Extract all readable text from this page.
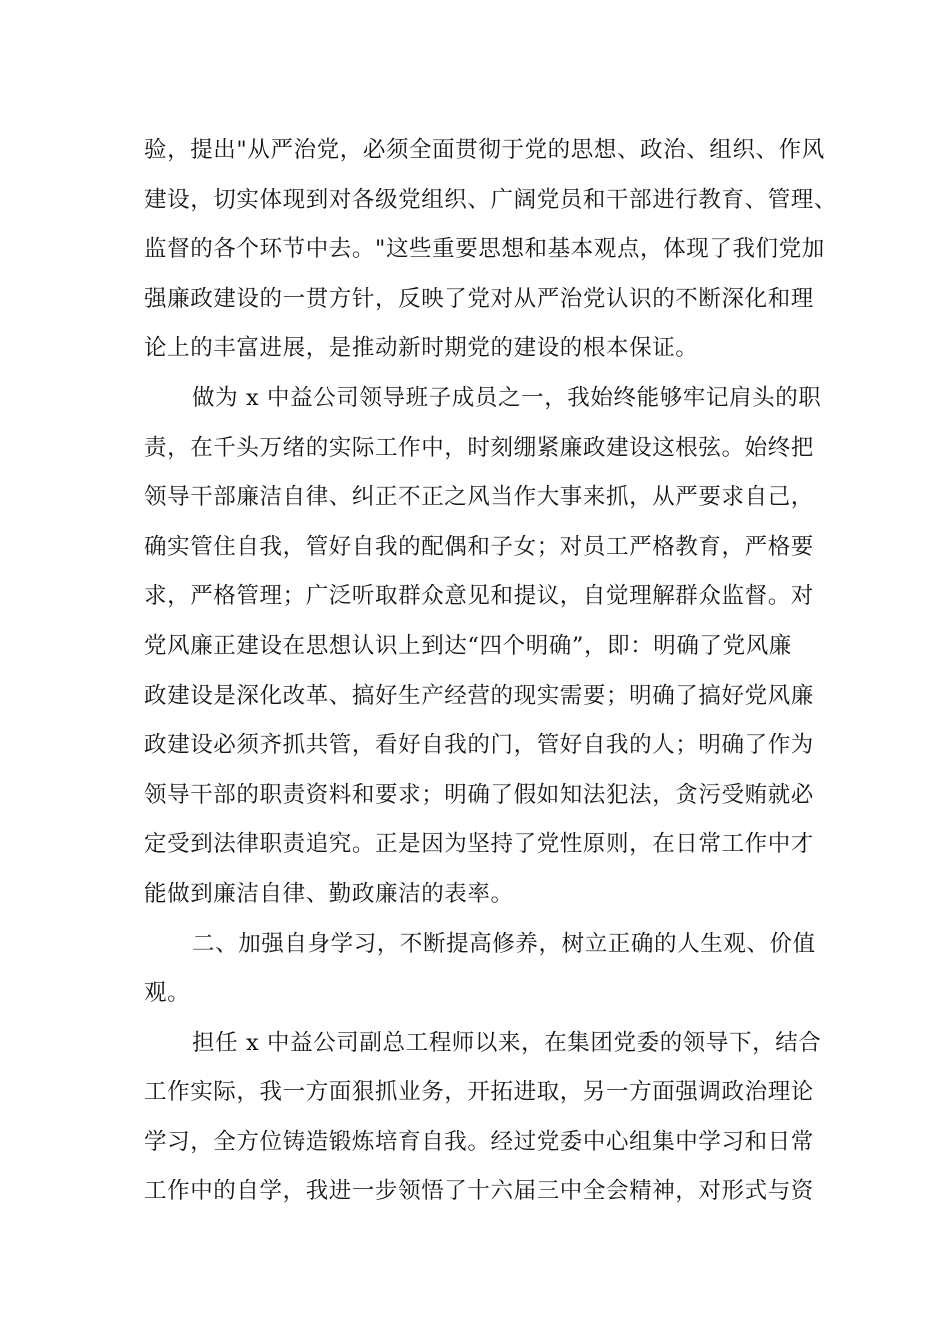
验，提出"从严治党，必须全面贯彻于党的思想、政治、组织、作风
建设，切实体现到对各级党组织、广阔党员和干部进行教育、管理、
监督的各个环节中去。"这些重要思想和基本观点，体现了我们党加
强廉政建设的一贯方针，反映了党对从严治党认识的不断深化和理
论上的丰富进展，是推动新时期党的建设的根本保证。
做为 x 中益公司领导班子成员之一，我始终能够牢记肩头的职
责，在千头万绪的实际工作中，时刻绷紧廉政建设这根弦。始终把
领导干部廉洁自律、纠正不正之风当作大事来抓，从严要求自己，
确实管住自我，管好自我的配偶和子女；对员工严格教育，严格要
求，严格管理；广泛听取群众意见和提议，自觉理解群众监督。对
党风廉正建设在思想认识上到达“四个明确”，即：明确了党风廉
政建设是深化改革、搞好生产经营的现实需要；明确了搞好党风廉
政建设必须齐抓共管，看好自我的门，管好自我的人；明确了作为
领导干部的职责资料和要求；明确了假如知法犯法，贪污受贿就必
定受到法律职责追究。正是因为坚持了党性原则，在日常工作中才
能做到廉洁自律、勤政廉洁的表率。
二、加强自身学习，不断提高修养，树立正确的人生观、价值
观。
担任 x 中益公司副总工程师以来，在集团党委的领导下，结合
工作实际，我一方面狠抓业务，开拓进取，另一方面强调政治理论
学习，全方位铸造锻炼培育自我。经过党委中心组集中学习和日常
工作中的自学，我进一步领悟了十六届三中全会精神，对形式与资
